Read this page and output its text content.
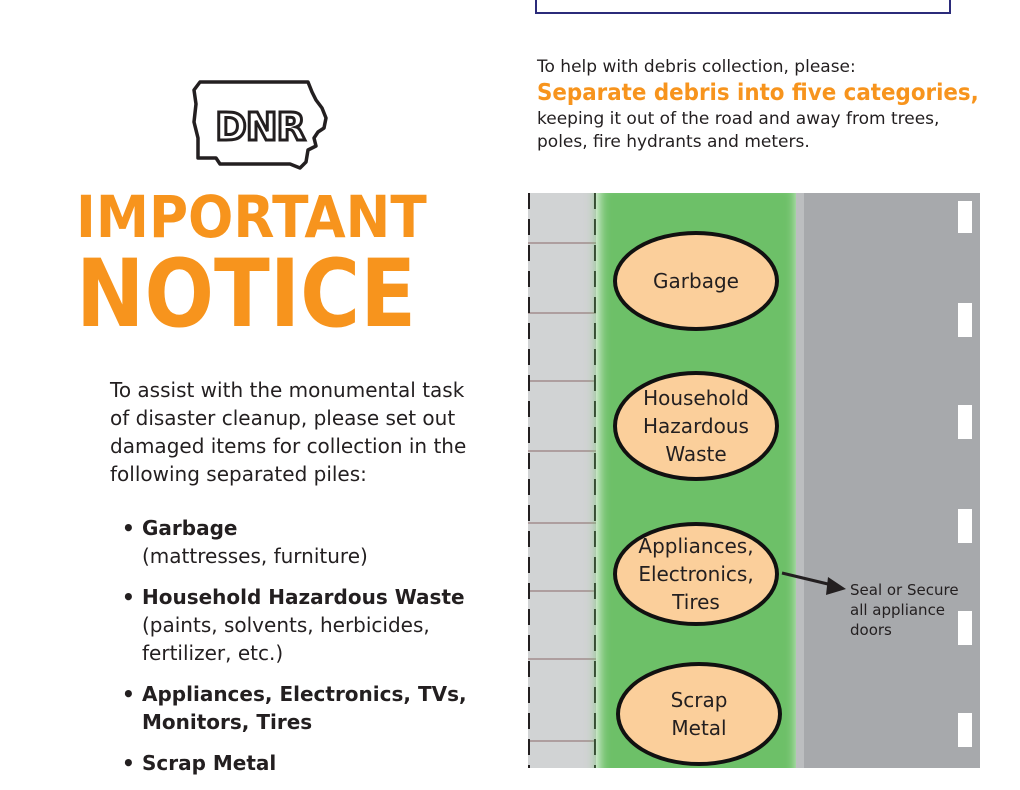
DNR
IMPORTANT
NOTICE
To assist with the monumental task
of disaster cleanup, please set out
damaged items for collection in the
following separated piles:
• Garbage
(mattresses, furniture)
• Household Hazardous Waste
(paints, solvents, herbicides,
fertilizer, etc.)
• Appliances, Electronics, TVs,
Monitors, Tires
• Scrap Metal
To help with debris collection, please:
Separate debris into five categories,
keeping it out of the road and away from trees,
poles, fire hydrants and meters.
Garbage
Household
Hazardous
Waste
Appliances,
Electronics,
Tires
Scrap
Metal
Seal or Secure
all appliance
doors
